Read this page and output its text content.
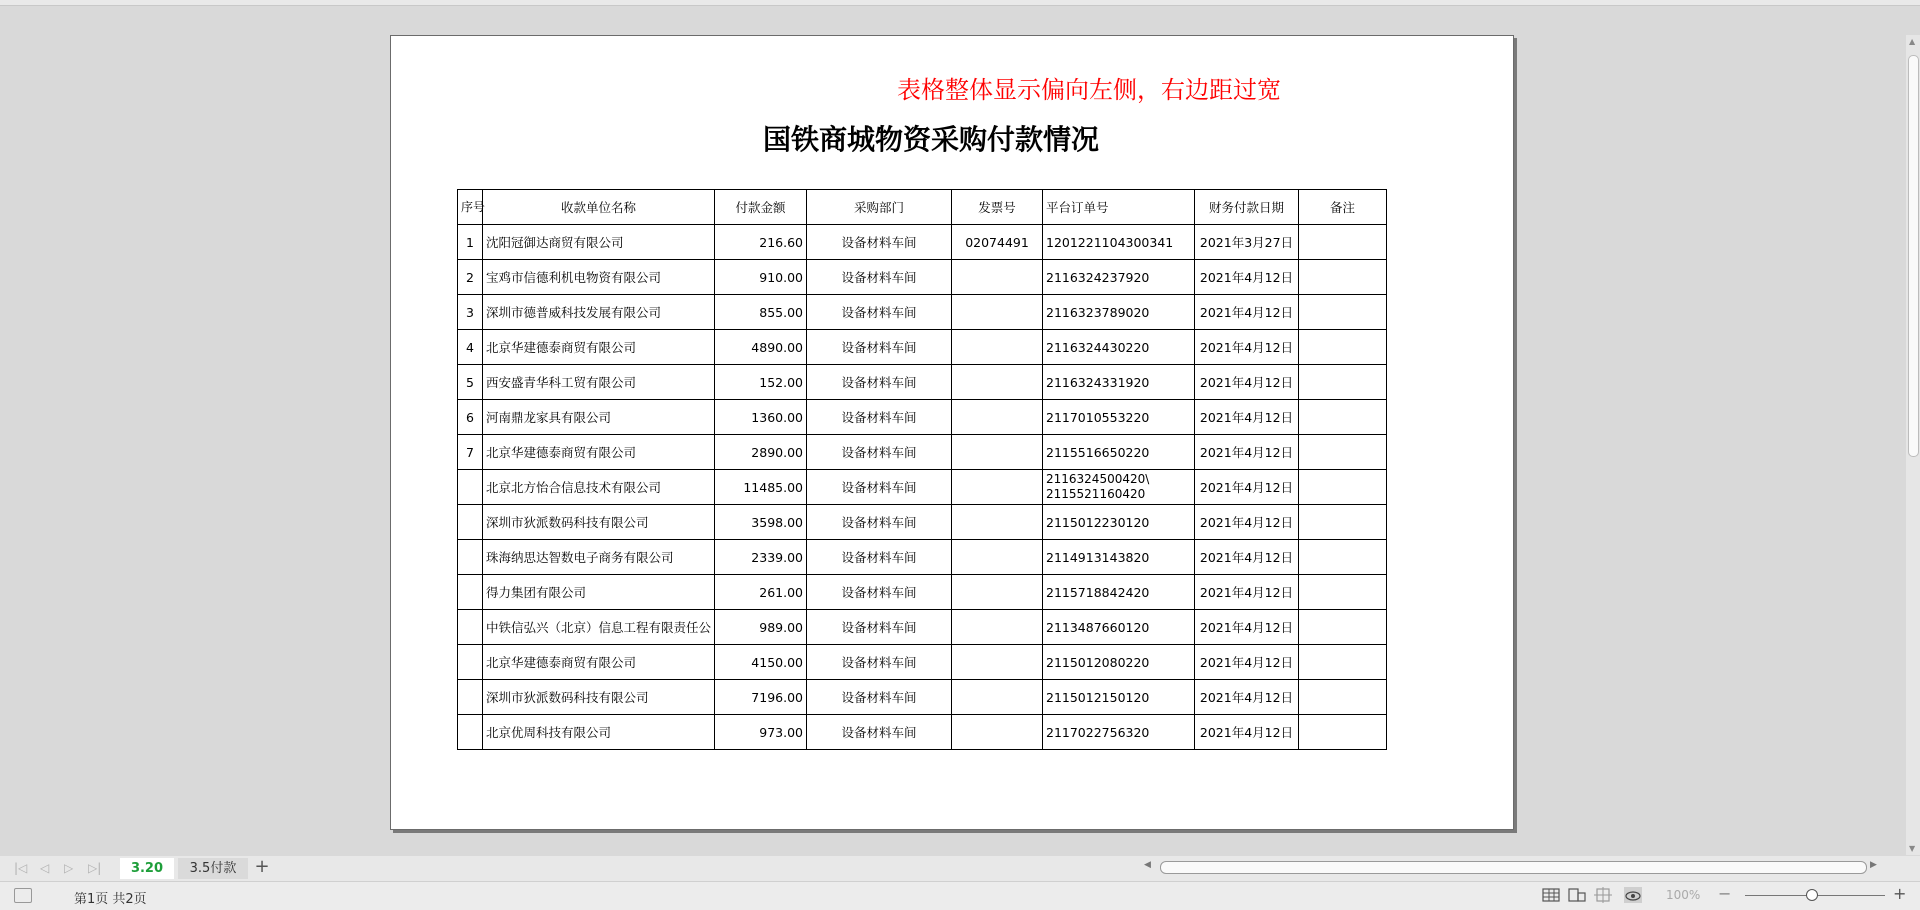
表格整体显示偏向左侧，右边距过宽
国铁商城物资采购付款情况
序号	收款单位名称	付款金额	采购部门	发票号	平台订单号	财务付款日期	备注
1	沈阳冠御达商贸有限公司	216.60	设备材料车间	02074491	1201221104300341	2021年3月27日	
2	宝鸡市信德利机电物资有限公司	910.00	设备材料车间		2116324237920	2021年4月12日	
3	深圳市德普威科技发展有限公司	855.00	设备材料车间		2116323789020	2021年4月12日	
4	北京华建德泰商贸有限公司	4890.00	设备材料车间		2116324430220	2021年4月12日	
5	西安盛青华科工贸有限公司	152.00	设备材料车间		2116324331920	2021年4月12日	
6	河南鼎龙家具有限公司	1360.00	设备材料车间		2117010553220	2021年4月12日	
7	北京华建德泰商贸有限公司	2890.00	设备材料车间		2115516650220	2021年4月12日	
	北京北方怡合信息技术有限公司	11485.00	设备材料车间		2116324500420\
2115521160420	2021年4月12日	
	深圳市狄派数码科技有限公司	3598.00	设备材料车间		2115012230120	2021年4月12日	
	珠海纳思达智数电子商务有限公司	2339.00	设备材料车间		2114913143820	2021年4月12日	
	得力集团有限公司	261.00	设备材料车间		2115718842420	2021年4月12日	
	中铁信弘兴（北京）信息工程有限责任公	989.00	设备材料车间		2113487660120	2021年4月12日	
	北京华建德泰商贸有限公司	4150.00	设备材料车间		2115012080220	2021年4月12日	
	深圳市狄派数码科技有限公司	7196.00	设备材料车间		2115012150120	2021年4月12日	
	北京优周科技有限公司	973.00	设备材料车间		2117022756320	2021年4月12日	
▲
▼
|◁ ◁ ▷ ▷|	3.20	3.5付款	+	◀	▶
第1页 共2页	100% −	+
